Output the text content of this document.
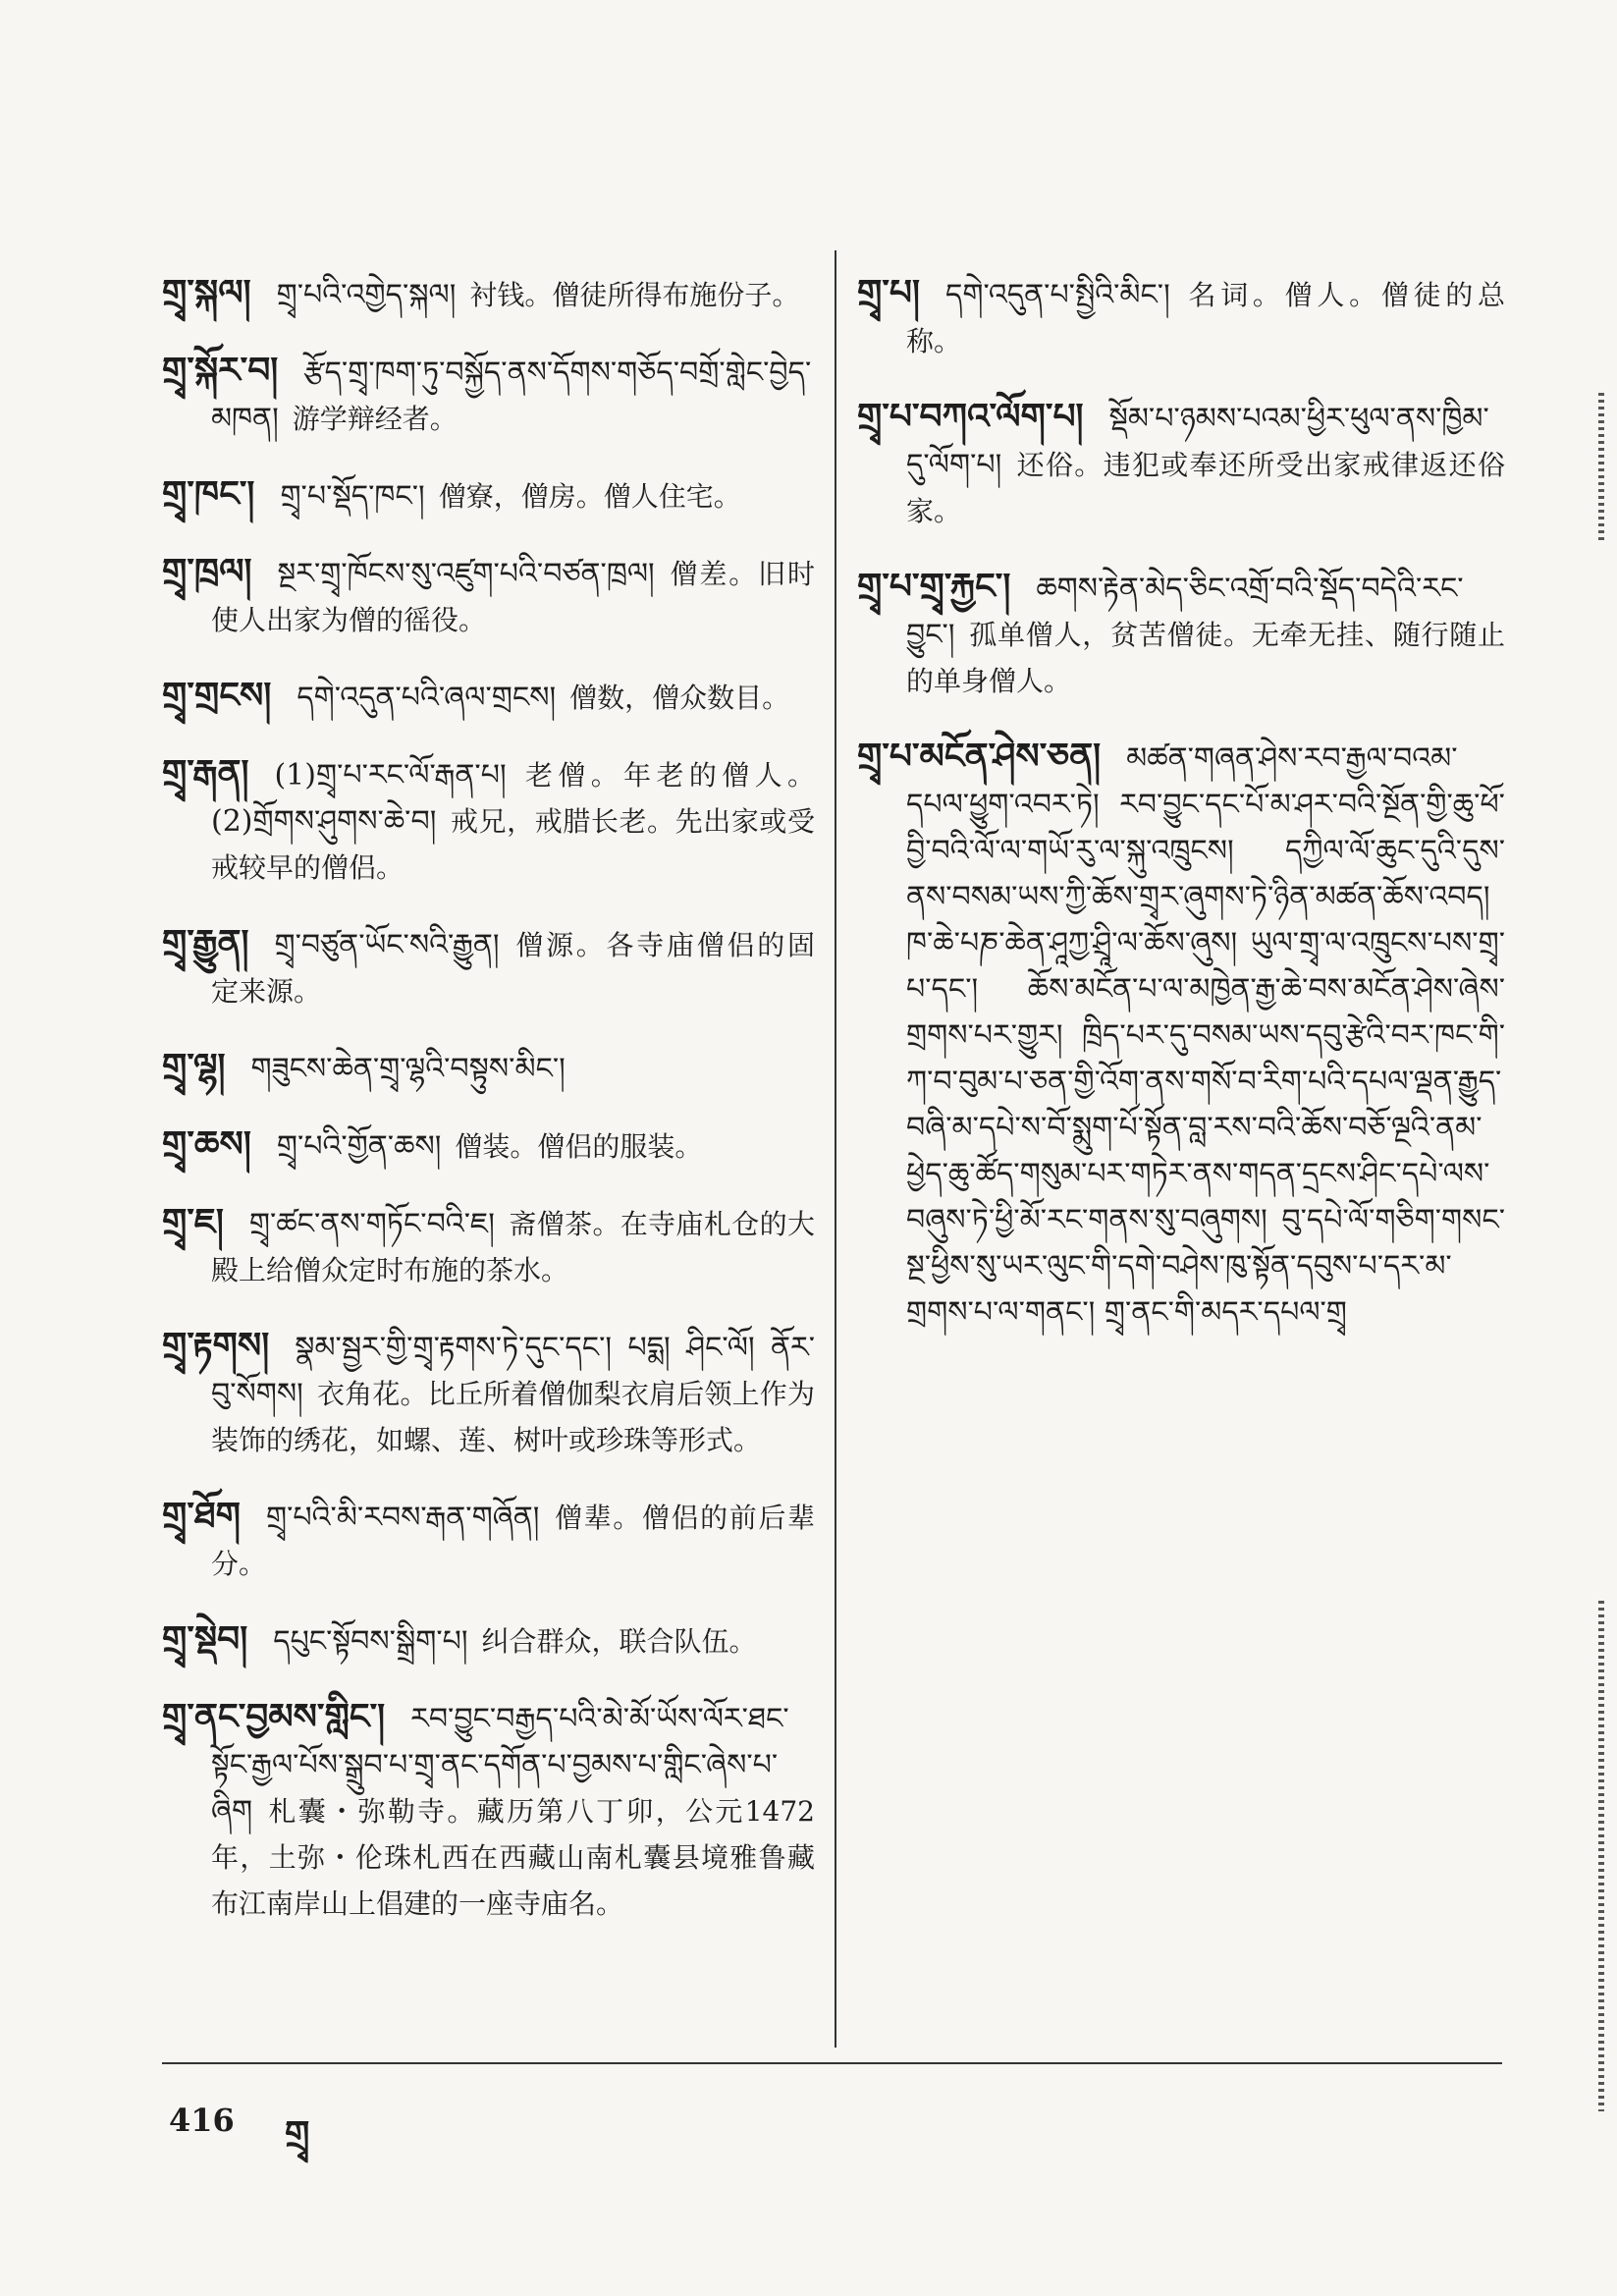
གྲྭ་སྐལ། གྲྭ་པའི་འགྱེད་སྐལ། 衬钱。僧徒所得布施份子。

གྲྭ་སྐོར་བ། རྩོད་གྲྭ་ཁག་ཏུ་བསྐྱོད་ནས་དོགས་གཅོད་བགྲོ་གླེང་བྱེད་མཁན། 游学辩经者。

གྲྭ་ཁང་། གྲྭ་པ་སྡོད་ཁང་། 僧寮，僧房。僧人住宅。

གྲྭ་ཁྲལ། སྔར་གྲྭ་ཁོངས་སུ་འཛུག་པའི་བཙན་ཁྲལ། 僧差。旧时使人出家为僧的徭役。

གྲྭ་གྲངས། དགེ་འདུན་པའི་ཞལ་གྲངས། 僧数，僧众数目。

གྲྭ་རྒན། (1)གྲྭ་པ་རང་ལོ་རྒན་པ། 老僧。年老的僧人。(2)གྲོགས་ཤུགས་ཆེ་བ། 戒兄，戒腊长老。先出家或受戒较早的僧侣。

གྲྭ་རྒྱུན། གྲྭ་བཙུན་ཡོང་སའི་རྒྱུན། 僧源。各寺庙僧侣的固定来源。

གྲྭ་ལྷ། གཟུངས་ཆེན་གྲྭ་ལྷའི་བསྟུས་མིང་།

གྲྭ་ཆས། གྲྭ་པའི་གྱོན་ཆས། 僧装。僧侣的服装。

གྲྭ་ཇ། གྲྭ་ཚང་ནས་གཏོང་བའི་ཇ། 斋僧茶。在寺庙札仓的大殿上给僧众定时布施的茶水。

གྲྭ་རྟགས། སྣམ་སྦྱར་གྱི་གྲྭ་རྟགས་ཏེ་དུང་དང་། པདྨ། ཤིང་ལོ། ནོར་བུ་སོགས། 衣角花。比丘所着僧伽梨衣肩后领上作为装饰的绣花，如螺、莲、树叶或珍珠等形式。

གྲྭ་ཐོག གྲྭ་པའི་མི་རབས་རྒན་གཞོན། 僧辈。僧侣的前后辈分。

གྲྭ་སྡེབ། དཔུང་སྟོབས་སྒྲིག་པ། 纠合群众，联合队伍。

གྲྭ་ནང་བྱམས་གླིང་། རབ་བྱུང་བརྒྱད་པའི་མེ་མོ་ཡོས་ལོར་ཐང་སྟོང་རྒྱལ་པོས་སྒྲུབ་པ་གྲྭ་ནང་དགོན་པ་བྱམས་པ་གླིང་ཞེས་པ་ཞིག 札囊・弥勒寺。藏历第八丁卯，公元1472年，土弥・伦珠札西在西藏山南札囊县境雅鲁藏布江南岸山上倡建的一座寺庙名。

གྲྭ་པ། དགེ་འདུན་པ་སྤྱིའི་མིང་། 名词。僧人。僧徒的总称。

གྲྭ་པ་བཀའ་ལོག་པ། སྡོམ་པ་ཉམས་པའམ་ཕྱིར་ཕུལ་ནས་ཁྱིམ་དུ་ལོག་པ། 还俗。违犯或奉还所受出家戒律返还俗家。

གྲྭ་པ་གྲྭ་རྐྱང་། ཆགས་རྟེན་མེད་ཅིང་འགྲོ་བའི་སྡོད་བདེའི་རང་བྱུང་། 孤单僧人，贫苦僧徒。无牵无挂、随行随止的单身僧人。

གྲྭ་པ་མངོན་ཤེས་ཅན། མཚན་གཞན་ཤེས་རབ་རྒྱལ་བའམ་དཔལ་ཕྱུག་འབར་ཏེ། རབ་བྱུང་དང་པོ་མ་ཤར་བའི་སྔོན་གྱི་ཆུ་ཕོ་བྱི་བའི་ལོ་ལ་གཡོ་རུ་ལ་སྐུ་འཁྲུངས། དཀྱིལ་ལོ་ཆུང་དུའི་དུས་ནས་བསམ་ཡས་ཀྱི་ཆོས་གྲྭར་ཞུགས་ཏེ་ཉིན་མཚན་ཆོས་འབད། ཁ་ཆེ་པཎ་ཆེན་ཤཱཀྱ་ཤྲཱི་ལ་ཆོས་ཞུས། ཡུལ་གྲྭ་ལ་འཁྲུངས་པས་གྲྭ་པ་དང་། ཆོས་མངོན་པ་ལ་མཁྱེན་རྒྱ་ཆེ་བས་མངོན་ཤེས་ཞེས་གྲགས་པར་གྱུར། ཁྲིད་པར་དུ་བསམ་ཡས་དབུ་རྩེའི་བར་ཁང་གི་ཀ་བ་བུམ་པ་ཅན་གྱི་འོག་ནས་གསོ་བ་རིག་པའི་དཔལ་ལྡན་རྒྱུད་བཞི་མ་དཔེ་ས་བོ་སྨུག་པོ་སྟོན་བླ་རས་བའི་ཆོས་བཅོ་ལྔའི་ནམ་ཕྱེད་ཆུ་ཚོད་གསུམ་པར་གཏེར་ནས་གདན་དྲངས་ཤིང་དཔེ་ལས་བཞུས་ཏེ་ཕྱི་མོ་རང་གནས་སུ་བཞུགས། བུ་དཔེ་ལོ་གཅིག་གསང་སྔ་ཕྱིས་སུ་ཡར་ལུང་གི་དགེ་བཤེས་ཁུ་སྟོན་དབུས་པ་དར་མ་གྲགས་པ་ལ་གནང་། གྲྭ་ནང་གི་མདར་དཔལ་གྲྭ

416 གྲྭ
